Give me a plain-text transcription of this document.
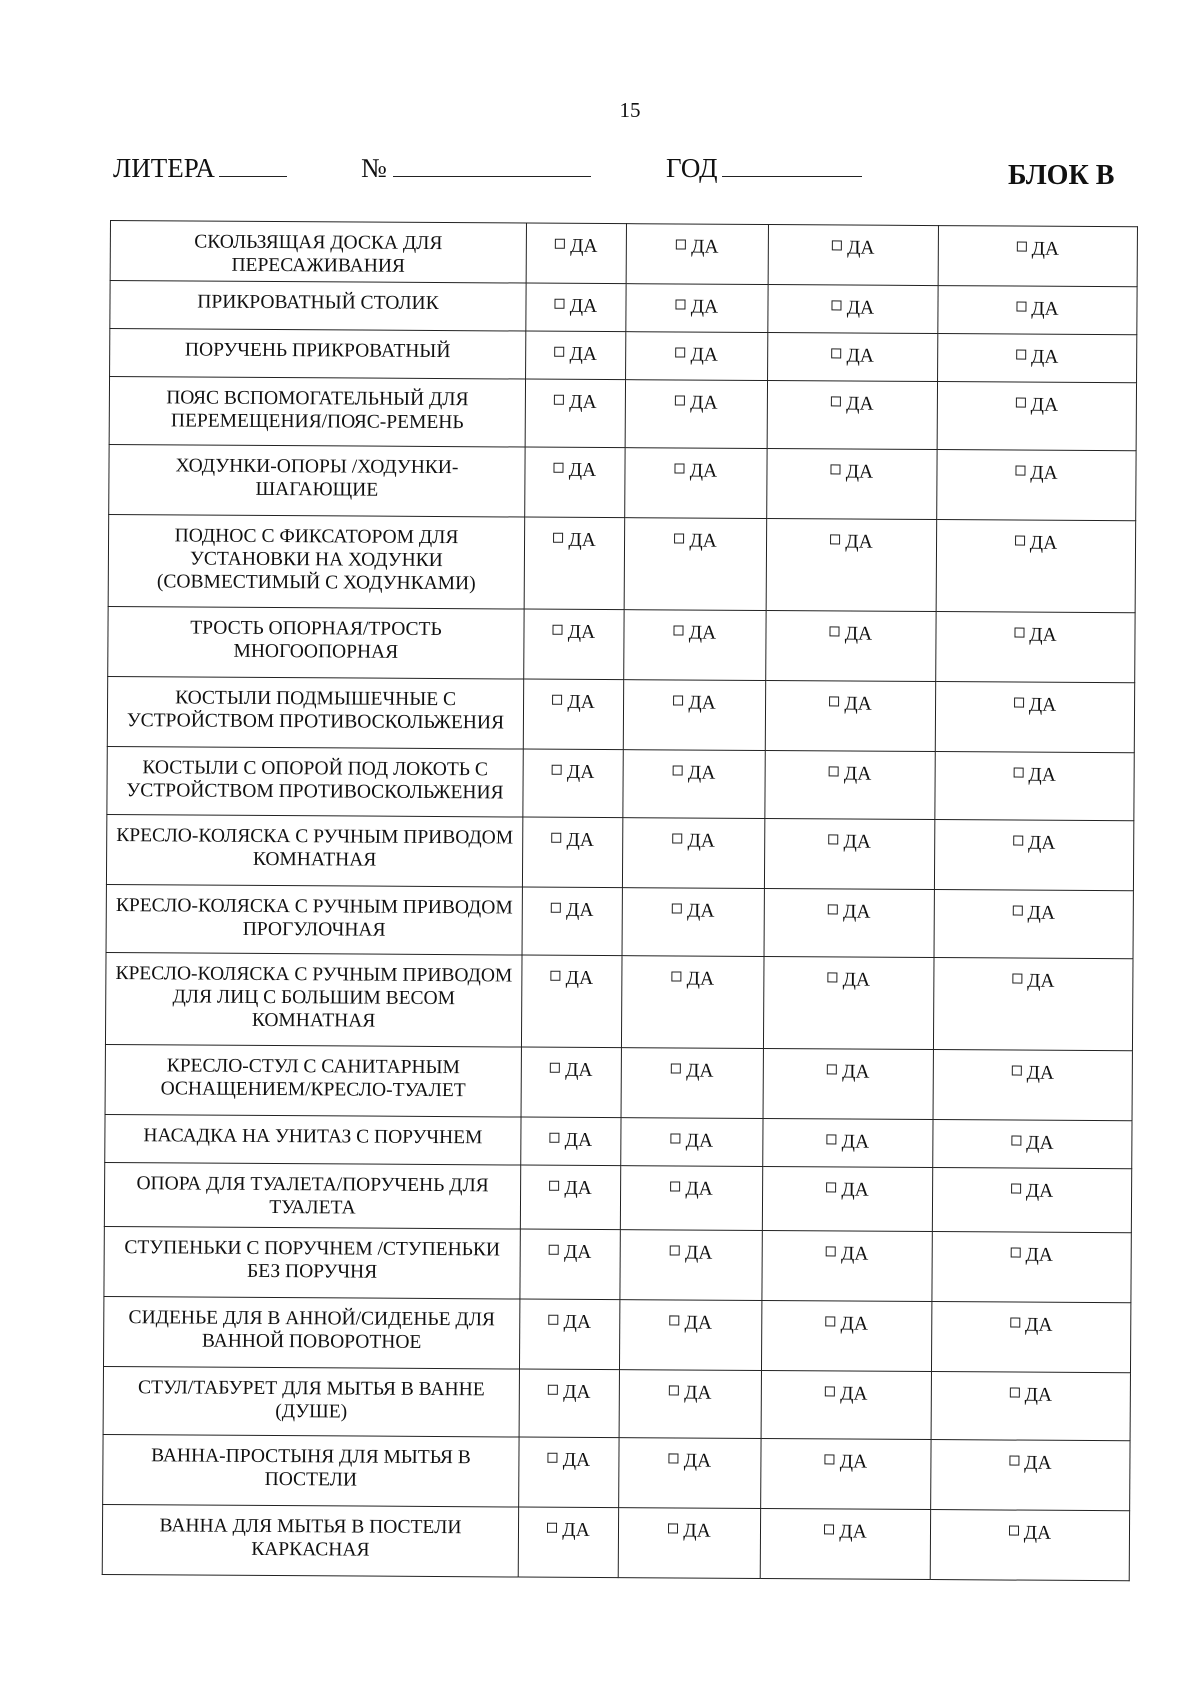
15
ЛИТЕРА	№	ГОД	БЛОК В
СКОЛЬЗЯЩАЯ ДОСКА ДЛЯ ПЕРЕСАЖИВАНИЯ	ДА	ДА	ДА	ДА
ПРИКРОВАТНЫЙ СТОЛИК	ДА	ДА	ДА	ДА
ПОРУЧЕНЬ ПРИКРОВАТНЫЙ	ДА	ДА	ДА	ДА
ПОЯС ВСПОМОГАТЕЛЬНЫЙ ДЛЯ ПЕРЕМЕЩЕНИЯ/ПОЯС-РЕМЕНЬ	ДА	ДА	ДА	ДА
ХОДУНКИ-ОПОРЫ /ХОДУНКИ-ШАГАЮЩИЕ	ДА	ДА	ДА	ДА
ПОДНОС С ФИКСАТОРОМ ДЛЯ УСТАНОВКИ НА ХОДУНКИ (СОВМЕСТИМЫЙ С ХОДУНКАМИ)	ДА	ДА	ДА	ДА
ТРОСТЬ ОПОРНАЯ/ТРОСТЬ МНОГООПОРНАЯ	ДА	ДА	ДА	ДА
КОСТЫЛИ ПОДМЫШЕЧНЫЕ С УСТРОЙСТВОМ ПРОТИВОСКОЛЬЖЕНИЯ	ДА	ДА	ДА	ДА
КОСТЫЛИ С ОПОРОЙ ПОД ЛОКОТЬ С УСТРОЙСТВОМ ПРОТИВОСКОЛЬЖЕНИЯ	ДА	ДА	ДА	ДА
КРЕСЛО-КОЛЯСКА С РУЧНЫМ ПРИВОДОМ КОМНАТНАЯ	ДА	ДА	ДА	ДА
КРЕСЛО-КОЛЯСКА С РУЧНЫМ ПРИВОДОМ ПРОГУЛОЧНАЯ	ДА	ДА	ДА	ДА
КРЕСЛО-КОЛЯСКА С РУЧНЫМ ПРИВОДОМ ДЛЯ ЛИЦ С БОЛЬШИМ ВЕСОМ КОМНАТНАЯ	ДА	ДА	ДА	ДА
КРЕСЛО-СТУЛ С САНИТАРНЫМ ОСНАЩЕНИЕМ/КРЕСЛО-ТУАЛЕТ	ДА	ДА	ДА	ДА
НАСАДКА НА УНИТАЗ С ПОРУЧНЕМ	ДА	ДА	ДА	ДА
ОПОРА ДЛЯ ТУАЛЕТА/ПОРУЧЕНЬ ДЛЯ ТУАЛЕТА	ДА	ДА	ДА	ДА
СТУПЕНЬКИ С ПОРУЧНЕМ /СТУПЕНЬКИ БЕЗ ПОРУЧНЯ	ДА	ДА	ДА	ДА
СИДЕНЬЕ ДЛЯ В АННОЙ/СИДЕНЬЕ ДЛЯ ВАННОЙ ПОВОРОТНОЕ	ДА	ДА	ДА	ДА
СТУЛ/ТАБУРЕТ ДЛЯ МЫТЬЯ В ВАННЕ (ДУШЕ)	ДА	ДА	ДА	ДА
ВАННА-ПРОСТЫНЯ ДЛЯ МЫТЬЯ В ПОСТЕЛИ	ДА	ДА	ДА	ДА
ВАННА ДЛЯ МЫТЬЯ В ПОСТЕЛИ КАРКАСНАЯ	ДА	ДА	ДА	ДА
